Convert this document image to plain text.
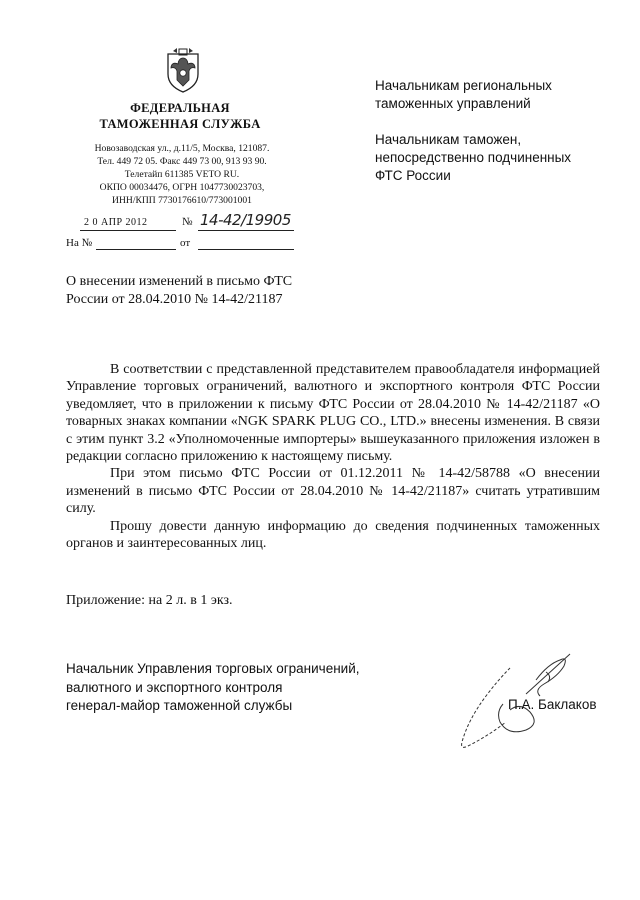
ФЕДЕРАЛЬНАЯ
ТАМОЖЕННАЯ СЛУЖБА
Новозаводская ул., д.11/5, Москва, 121087.
Тел. 449 72 05. Факс 449 73 00, 913 93 90.
Телетайп 611385 VETO RU.
ОКПО 00034476, ОГРН 1047730023703,
ИНН/КПП 7730176610/773001001
2 0 АПР 2012	№ 14-42/19905
На №	от
Начальникам региональных
таможенных управлений
Начальникам таможен,
непосредственно подчиненных
ФТС России
О внесении изменений в письмо ФТС
России от 28.04.2010 № 14-42/21187

В соответствии с представленной представителем правообладателя информацией Управление торговых ограничений, валютного и экспортного контроля ФТС России уведомляет, что в приложении к письму ФТС России от 28.04.2010 № 14-42/21187 «О товарных знаках компании «NGK SPARK PLUG CO., LTD.» внесены изменения. В связи с этим пункт 3.2 «Уполномоченные импортеры» вышеуказанного приложения изложен в редакции согласно приложению к настоящему письму.

При этом письмо ФТС России от 01.12.2011 № 14-42/58788 «О внесении изменений в письмо ФТС России от 28.04.2010 № 14-42/21187» считать утратившим силу.

Прошу довести данную информацию до сведения подчиненных таможенных органов и заинтересованных лиц.

Приложение: на 2 л. в 1 экз.
Начальник Управления торговых ограничений,
валютного и экспортного контроля
генерал-майор таможенной службы	П.А. Баклаков
